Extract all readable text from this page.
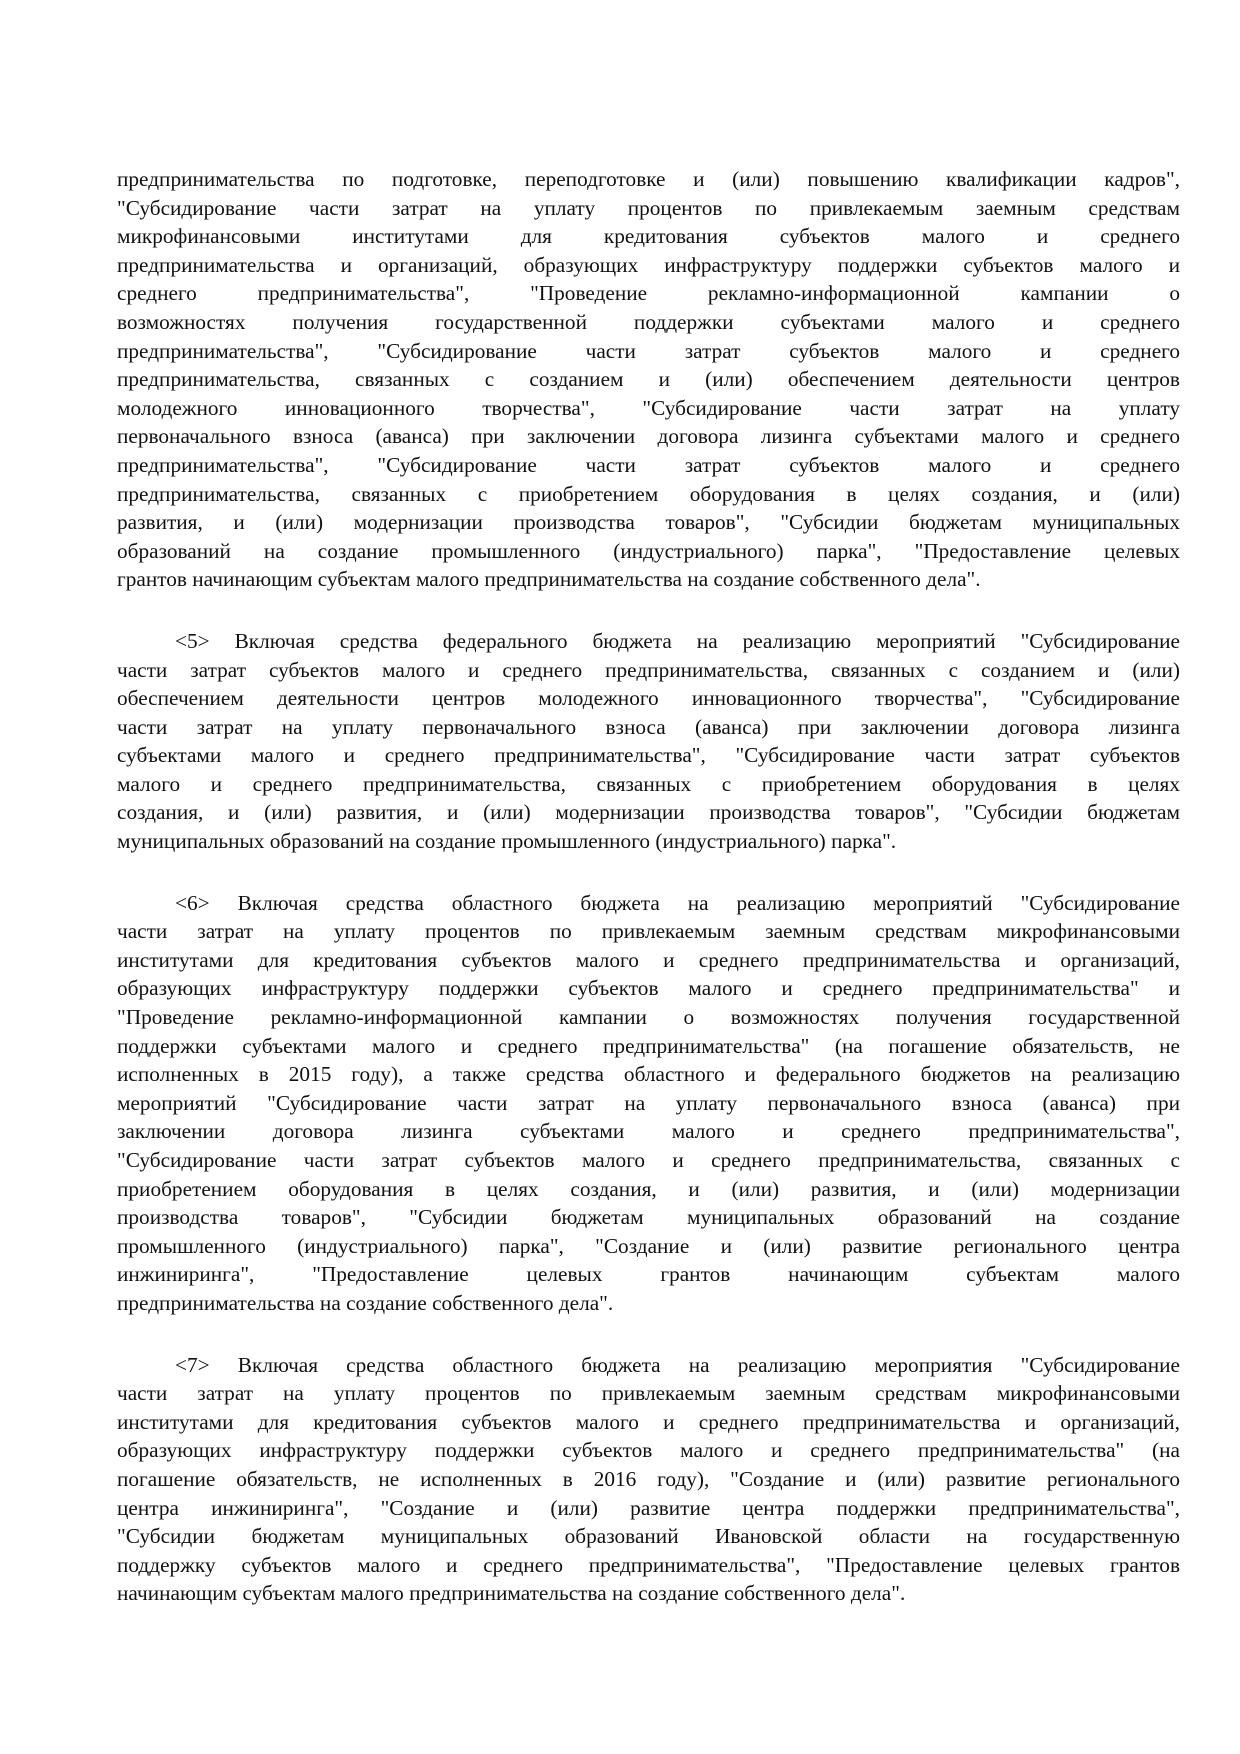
предпринимательства по подготовке, переподготовке и (или) повышению квалификации кадров",
"Субсидирование части затрат на уплату процентов по привлекаемым заемным средствам
микрофинансовыми институтами для кредитования субъектов малого и среднего
предпринимательства и организаций, образующих инфраструктуру поддержки субъектов малого и
среднего предпринимательства", "Проведение рекламно-информационной кампании о
возможностях получения государственной поддержки субъектами малого и среднего
предпринимательства", "Субсидирование части затрат субъектов малого и среднего
предпринимательства, связанных с созданием и (или) обеспечением деятельности центров
молодежного инновационного творчества", "Субсидирование части затрат на уплату
первоначального взноса (аванса) при заключении договора лизинга субъектами малого и среднего
предпринимательства", "Субсидирование части затрат субъектов малого и среднего
предпринимательства, связанных с приобретением оборудования в целях создания, и (или)
развития, и (или) модернизации производства товаров", "Субсидии бюджетам муниципальных
образований на создание промышленного (индустриального) парка", "Предоставление целевых
грантов начинающим субъектам малого предпринимательства на создание собственного дела".
<5> Включая средства федерального бюджета на реализацию мероприятий "Субсидирование
части затрат субъектов малого и среднего предпринимательства, связанных с созданием и (или)
обеспечением деятельности центров молодежного инновационного творчества", "Субсидирование
части затрат на уплату первоначального взноса (аванса) при заключении договора лизинга
субъектами малого и среднего предпринимательства", "Субсидирование части затрат субъектов
малого и среднего предпринимательства, связанных с приобретением оборудования в целях
создания, и (или) развития, и (или) модернизации производства товаров", "Субсидии бюджетам
муниципальных образований на создание промышленного (индустриального) парка".
<6> Включая средства областного бюджета на реализацию мероприятий "Субсидирование
части затрат на уплату процентов по привлекаемым заемным средствам микрофинансовыми
институтами для кредитования субъектов малого и среднего предпринимательства и организаций,
образующих инфраструктуру поддержки субъектов малого и среднего предпринимательства" и
"Проведение рекламно-информационной кампании о возможностях получения государственной
поддержки субъектами малого и среднего предпринимательства" (на погашение обязательств, не
исполненных в 2015 году), а также средства областного и федерального бюджетов на реализацию
мероприятий "Субсидирование части затрат на уплату первоначального взноса (аванса) при
заключении договора лизинга субъектами малого и среднего предпринимательства",
"Субсидирование части затрат субъектов малого и среднего предпринимательства, связанных с
приобретением оборудования в целях создания, и (или) развития, и (или) модернизации
производства товаров", "Субсидии бюджетам муниципальных образований на создание
промышленного (индустриального) парка", "Создание и (или) развитие регионального центра
инжиниринга", "Предоставление целевых грантов начинающим субъектам малого
предпринимательства на создание собственного дела".
<7> Включая средства областного бюджета на реализацию мероприятия "Субсидирование
части затрат на уплату процентов по привлекаемым заемным средствам микрофинансовыми
институтами для кредитования субъектов малого и среднего предпринимательства и организаций,
образующих инфраструктуру поддержки субъектов малого и среднего предпринимательства" (на
погашение обязательств, не исполненных в 2016 году), "Создание и (или) развитие регионального
центра инжиниринга", "Создание и (или) развитие центра поддержки предпринимательства",
"Субсидии бюджетам муниципальных образований Ивановской области на государственную
поддержку субъектов малого и среднего предпринимательства", "Предоставление целевых грантов
начинающим субъектам малого предпринимательства на создание собственного дела".
